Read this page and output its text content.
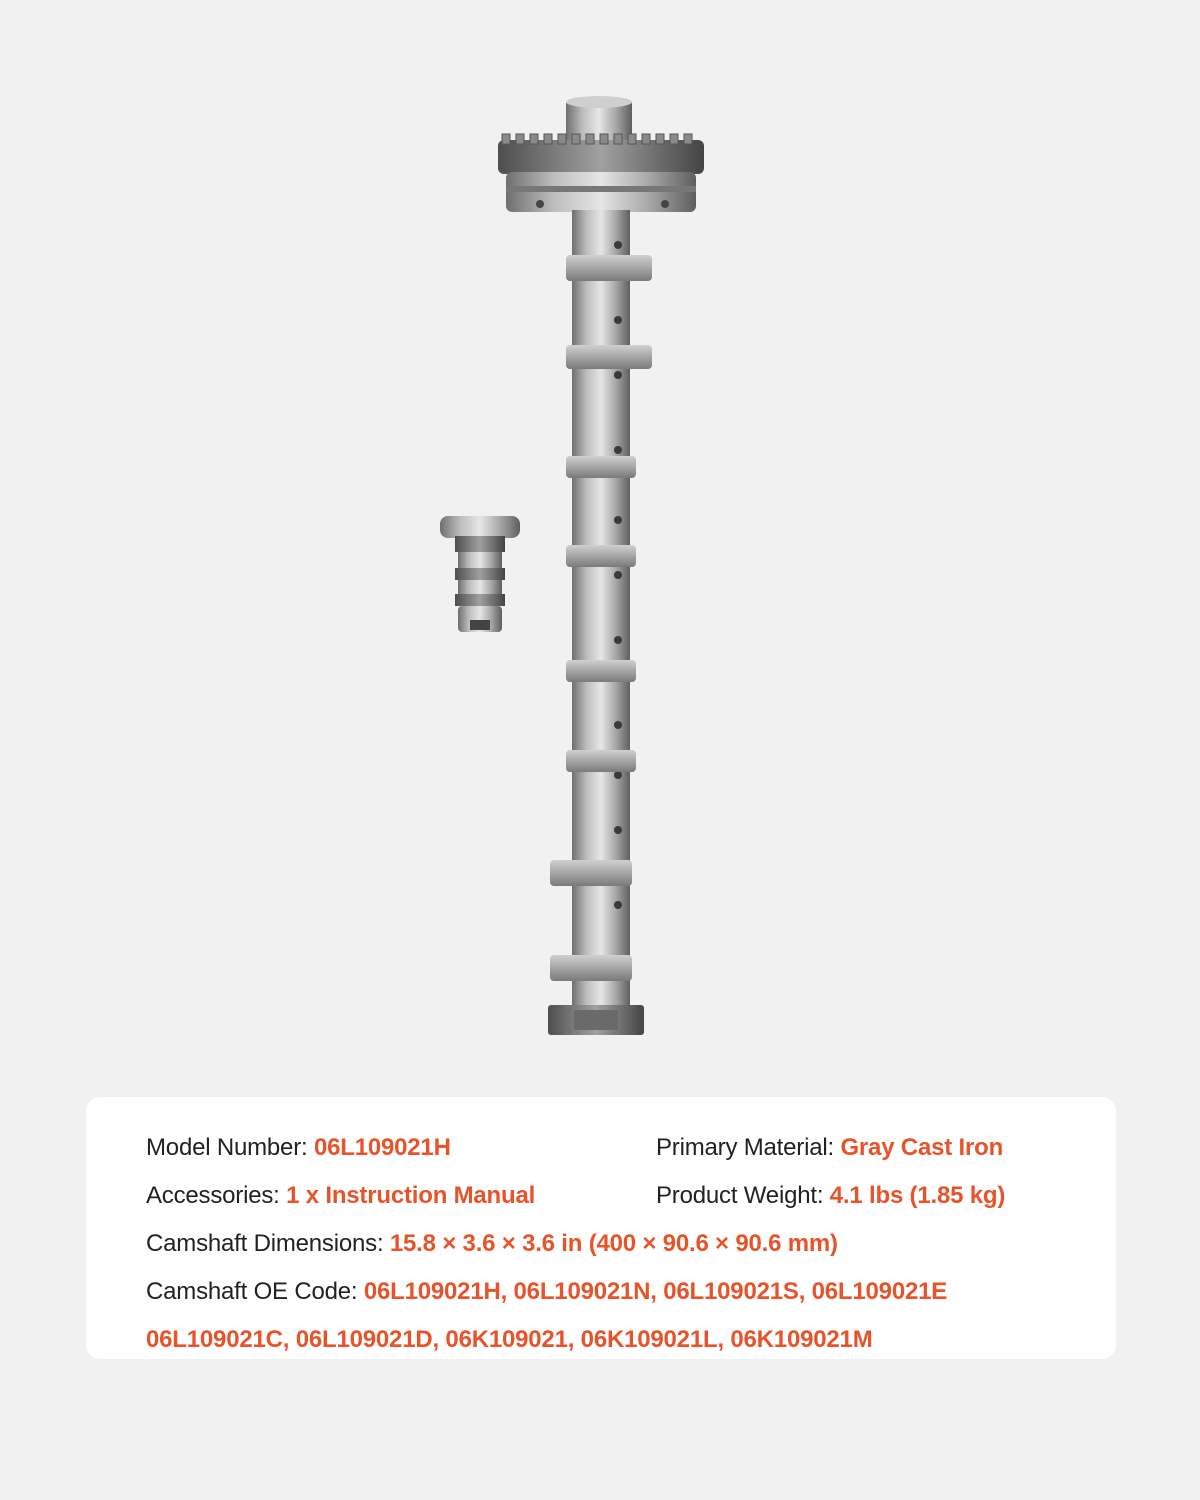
Model Number: 06L109021H	Primary Material: Gray Cast Iron
Accessories: 1 x Instruction Manual	Product Weight: 4.1 lbs (1.85 kg)
Camshaft Dimensions: 15.8 × 3.6 × 3.6 in (400 × 90.6 × 90.6 mm)
Camshaft OE Code: 06L109021H, 06L109021N, 06L109021S, 06L109021E
06L109021C, 06L109021D, 06K109021, 06K109021L, 06K109021M
